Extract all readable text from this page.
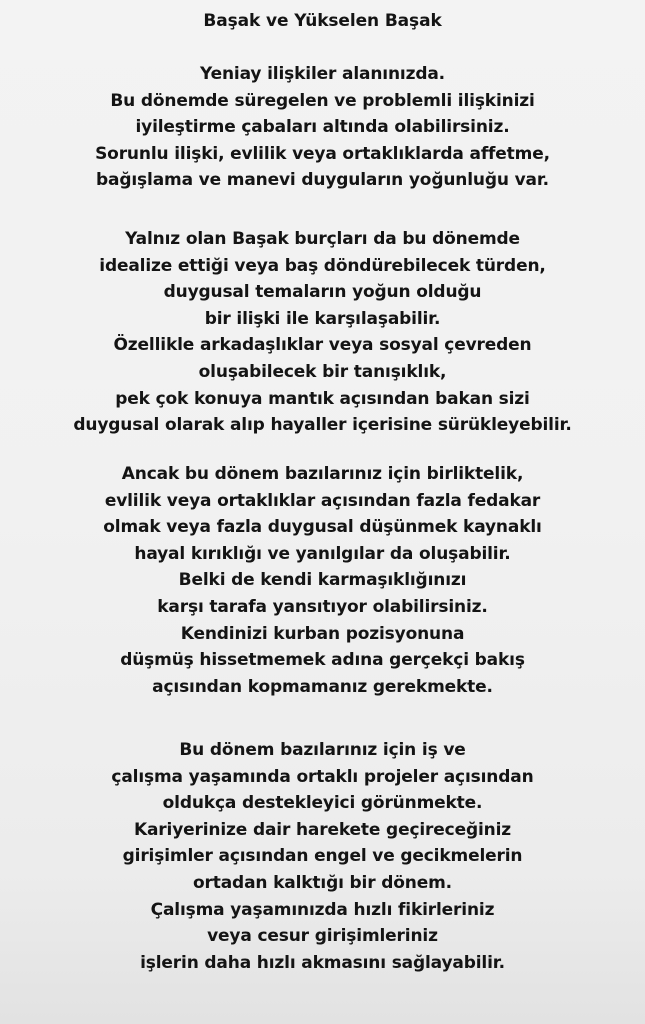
Başak ve Yükselen Başak
Yeniay ilişkiler alanınızda.
Bu dönemde süregelen ve problemli ilişkinizi
iyileştirme çabaları altında olabilirsiniz.
Sorunlu ilişki, evlilik veya ortaklıklarda affetme,
bağışlama ve manevi duyguların yoğunluğu var.
Yalnız olan Başak burçları da bu dönemde
idealize ettiği veya baş döndürebilecek türden,
duygusal temaların yoğun olduğu
bir ilişki ile karşılaşabilir.
Özellikle arkadaşlıklar veya sosyal çevreden
oluşabilecek bir tanışıklık,
pek çok konuya mantık açısından bakan sizi
duygusal olarak alıp hayaller içerisine sürükleyebilir.
Ancak bu dönem bazılarınız için birliktelik,
evlilik veya ortaklıklar açısından fazla fedakar
olmak veya fazla duygusal düşünmek kaynaklı
hayal kırıklığı ve yanılgılar da oluşabilir.
Belki de kendi karmaşıklığınızı
karşı tarafa yansıtıyor olabilirsiniz.
Kendinizi kurban pozisyonuna
düşmüş hissetmemek adına gerçekçi bakış
açısından kopmamanız gerekmekte.
Bu dönem bazılarınız için iş ve
çalışma yaşamında ortaklı projeler açısından
oldukça destekleyici görünmekte.
Kariyerinize dair harekete geçireceğiniz
girişimler açısından engel ve gecikmelerin
ortadan kalktığı bir dönem.
Çalışma yaşamınızda hızlı fikirleriniz
veya cesur girişimleriniz
işlerin daha hızlı akmasını sağlayabilir.
